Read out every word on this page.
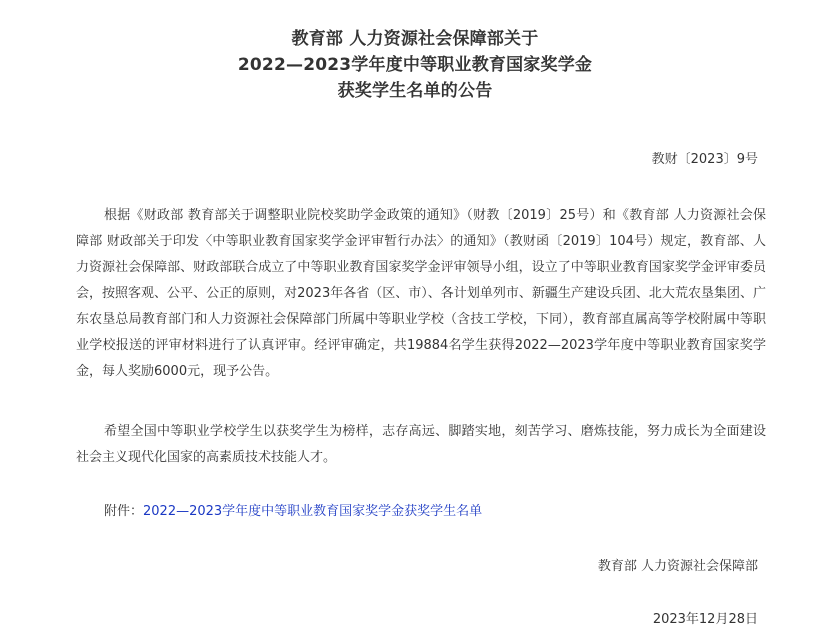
教育部 人力资源社会保障部关于
2022—2023学年度中等职业教育国家奖学金
获奖学生名单的公告
教财〔2023〕9号

根据《财政部 教育部关于调整职业院校奖助学金政策的通知》（财教〔2019〕25号）和《教育部 人力资源社会保障部 财政部关于印发〈中等职业教育国家奖学金评审暂行办法〉的通知》（教财函〔2019〕104号）规定，教育部、人力资源社会保障部、财政部联合成立了中等职业教育国家奖学金评审领导小组，设立了中等职业教育国家奖学金评审委员会，按照客观、公平、公正的原则，对2023年各省（区、市）、各计划单列市、新疆生产建设兵团、北大荒农垦集团、广东农垦总局教育部门和人力资源社会保障部门所属中等职业学校（含技工学校，下同），教育部直属高等学校附属中等职业学校报送的评审材料进行了认真评审。经评审确定，共19884名学生获得2022—2023学年度中等职业教育国家奖学金，每人奖励6000元，现予公告。

希望全国中等职业学校学生以获奖学生为榜样，志存高远、脚踏实地，刻苦学习、磨炼技能，努力成长为全面建设社会主义现代化国家的高素质技术技能人才。

附件：2022—2023学年度中等职业教育国家奖学金获奖学生名单
教育部 人力资源社会保障部
2023年12月28日
